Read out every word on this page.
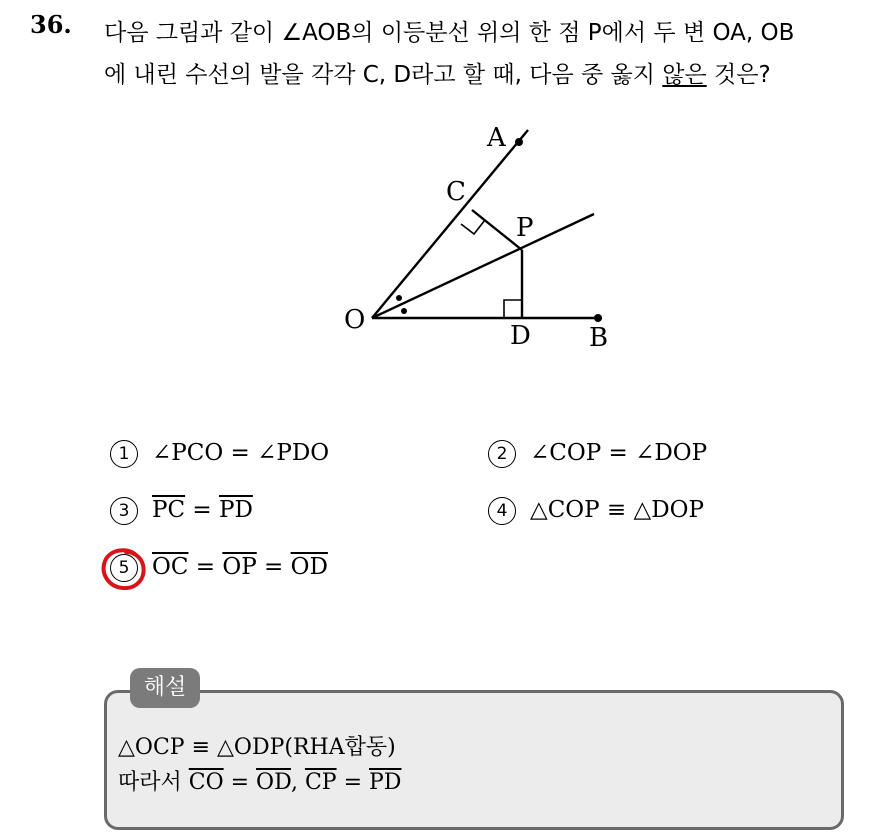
36. 다음 그림과 같이 ∠AOB의 이등분선 위의 한 점 P에서 두 변 OA, OB
에 내린 수선의 발을 각각 C, D라고 할 때, 다음 중 옳지 않은 것은?
A
C
P
O
D B
1 ∠PCO = ∠PDO	2 ∠COP = ∠DOP
3 $\overline{PC} = \overline{PD}$	4 △COP ≡ △DOP
5 $\overline{OC} = \overline{OP} = \overline{OD}$
해설
△OCP ≡ △ODP(RHA합동)
따라서 $\overline{CO} = \overline{OD}$, $\overline{CP} = \overline{PD}$
